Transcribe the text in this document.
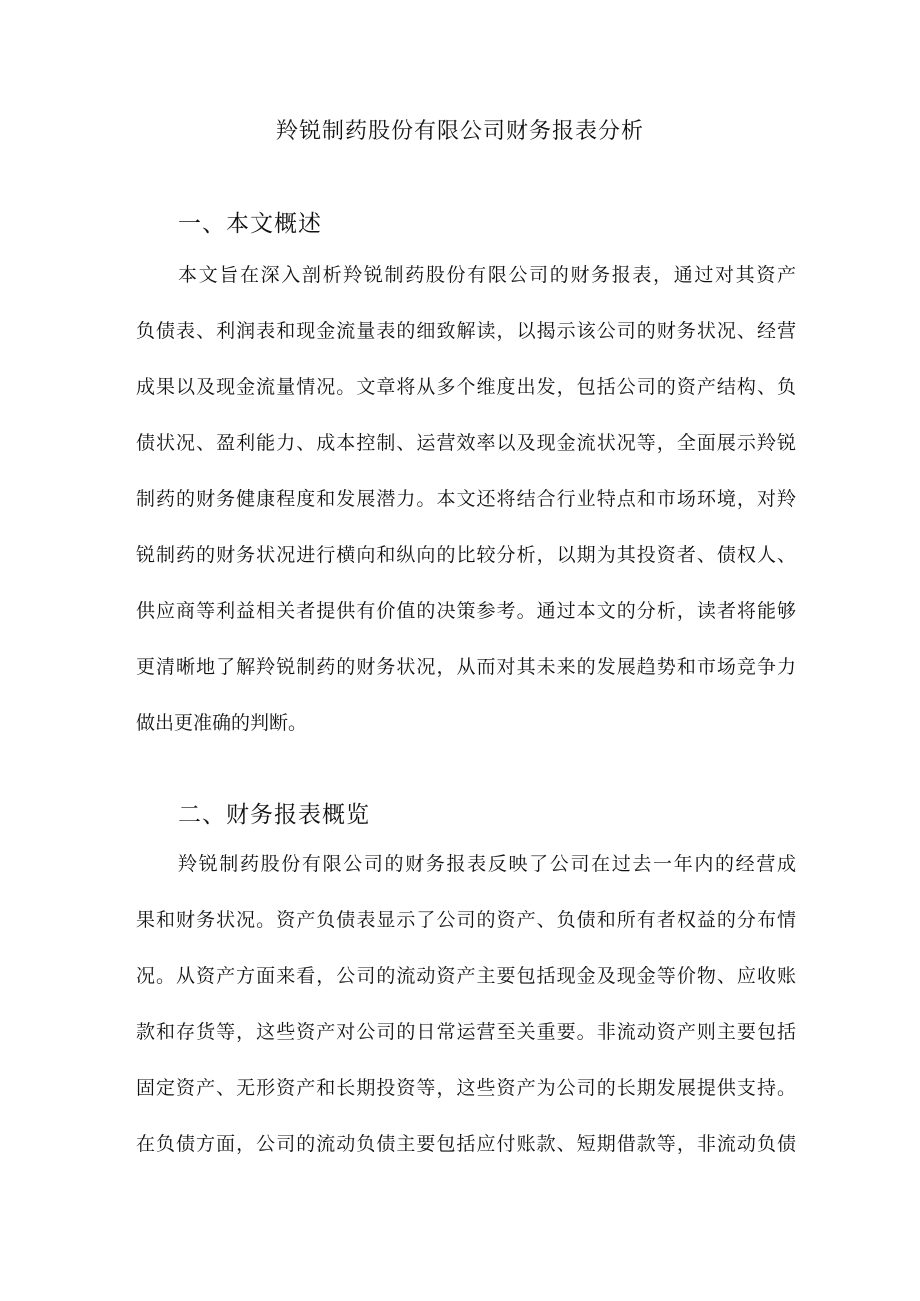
羚锐制药股份有限公司财务报表分析
一、本文概述
本文旨在深入剖析羚锐制药股份有限公司的财务报表，通过对其资产
负债表、利润表和现金流量表的细致解读，以揭示该公司的财务状况、经营
成果以及现金流量情况。文章将从多个维度出发，包括公司的资产结构、负
债状况、盈利能力、成本控制、运营效率以及现金流状况等，全面展示羚锐
制药的财务健康程度和发展潜力。本文还将结合行业特点和市场环境，对羚
锐制药的财务状况进行横向和纵向的比较分析，以期为其投资者、债权人、
供应商等利益相关者提供有价值的决策参考。通过本文的分析，读者将能够
更清晰地了解羚锐制药的财务状况，从而对其未来的发展趋势和市场竞争力
做出更准确的判断。
二、财务报表概览
羚锐制药股份有限公司的财务报表反映了公司在过去一年内的经营成
果和财务状况。资产负债表显示了公司的资产、负债和所有者权益的分布情
况。从资产方面来看，公司的流动资产主要包括现金及现金等价物、应收账
款和存货等，这些资产对公司的日常运营至关重要。非流动资产则主要包括
固定资产、无形资产和长期投资等，这些资产为公司的长期发展提供支持。
在负债方面，公司的流动负债主要包括应付账款、短期借款等，非流动负债
